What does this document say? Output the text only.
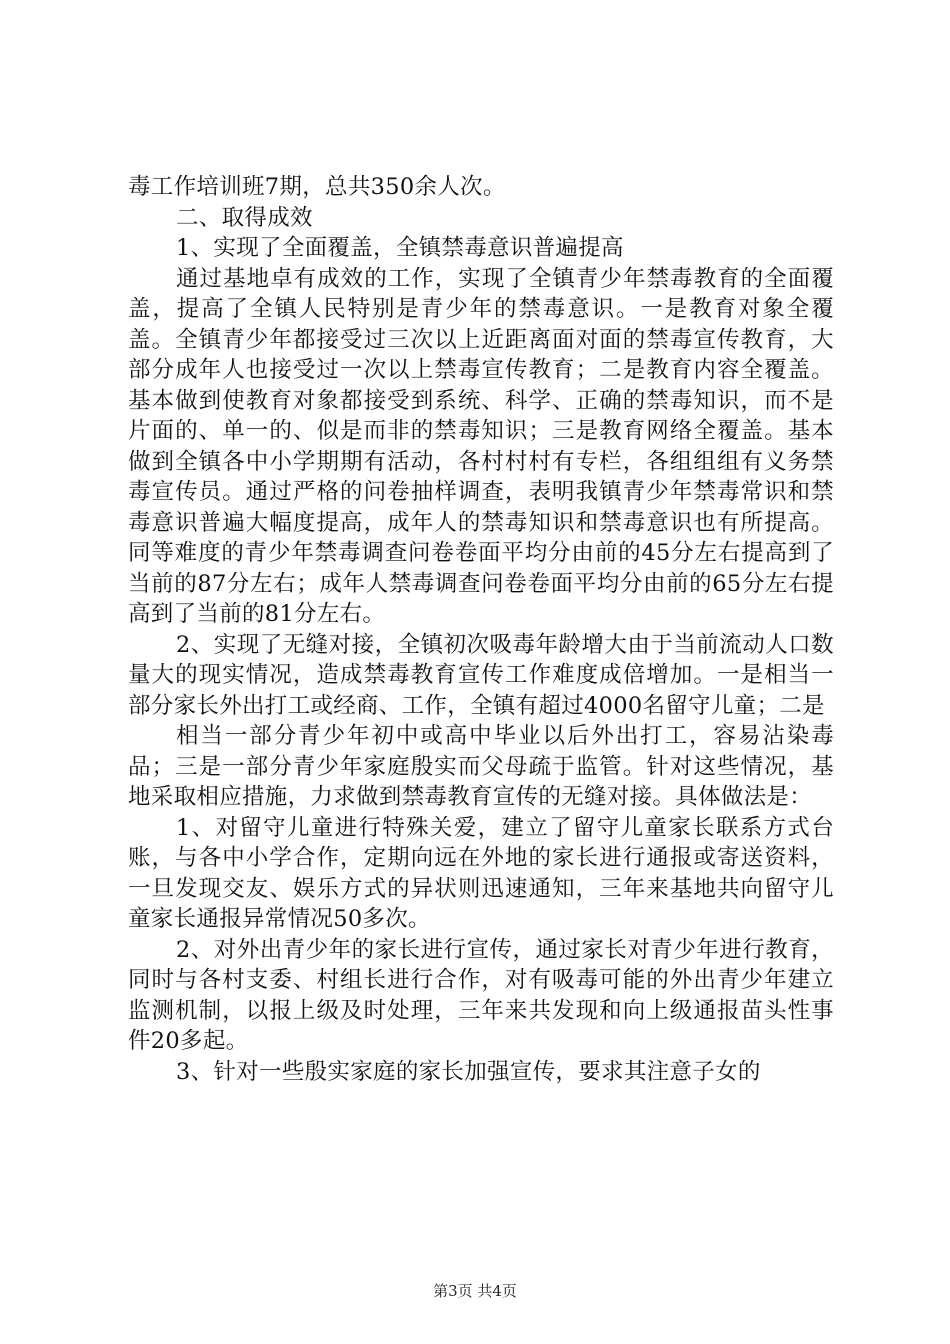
毒工作培训班7期，总共350余人次。

二、取得成效

1、实现了全面覆盖，全镇禁毒意识普遍提高

通过基地卓有成效的工作，实现了全镇青少年禁毒教育的全面覆盖，提高了全镇人民特别是青少年的禁毒意识。一是教育对象全覆盖。全镇青少年都接受过三次以上近距离面对面的禁毒宣传教育，大部分成年人也接受过一次以上禁毒宣传教育；二是教育内容全覆盖。基本做到使教育对象都接受到系统、科学、正确的禁毒知识，而不是片面的、单一的、似是而非的禁毒知识；三是教育网络全覆盖。基本做到全镇各中小学期期有活动，各村村村有专栏，各组组组有义务禁毒宣传员。通过严格的问卷抽样调查，表明我镇青少年禁毒常识和禁毒意识普遍大幅度提高，成年人的禁毒知识和禁毒意识也有所提高。同等难度的青少年禁毒调查问卷卷面平均分由前的45分左右提高到了当前的87分左右；成年人禁毒调查问卷卷面平均分由前的65分左右提高到了当前的81分左右。

2、实现了无缝对接，全镇初次吸毒年龄增大由于当前流动人口数量大的现实情况，造成禁毒教育宣传工作难度成倍增加。一是相当一部分家长外出打工或经商、工作，全镇有超过4000名留守儿童；二是

相当一部分青少年初中或高中毕业以后外出打工，容易沾染毒品；三是一部分青少年家庭殷实而父母疏于监管。针对这些情况，基地采取相应措施，力求做到禁毒教育宣传的无缝对接。具体做法是：

1、对留守儿童进行特殊关爱，建立了留守儿童家长联系方式台账，与各中小学合作，定期向远在外地的家长进行通报或寄送资料，一旦发现交友、娱乐方式的异状则迅速通知，三年来基地共向留守儿童家长通报异常情况50多次。

2、对外出青少年的家长进行宣传，通过家长对青少年进行教育，同时与各村支委、村组长进行合作，对有吸毒可能的外出青少年建立监测机制，以报上级及时处理，三年来共发现和向上级通报苗头性事件20多起。

3、针对一些殷实家庭的家长加强宣传，要求其注意子女的

第3页 共4页
